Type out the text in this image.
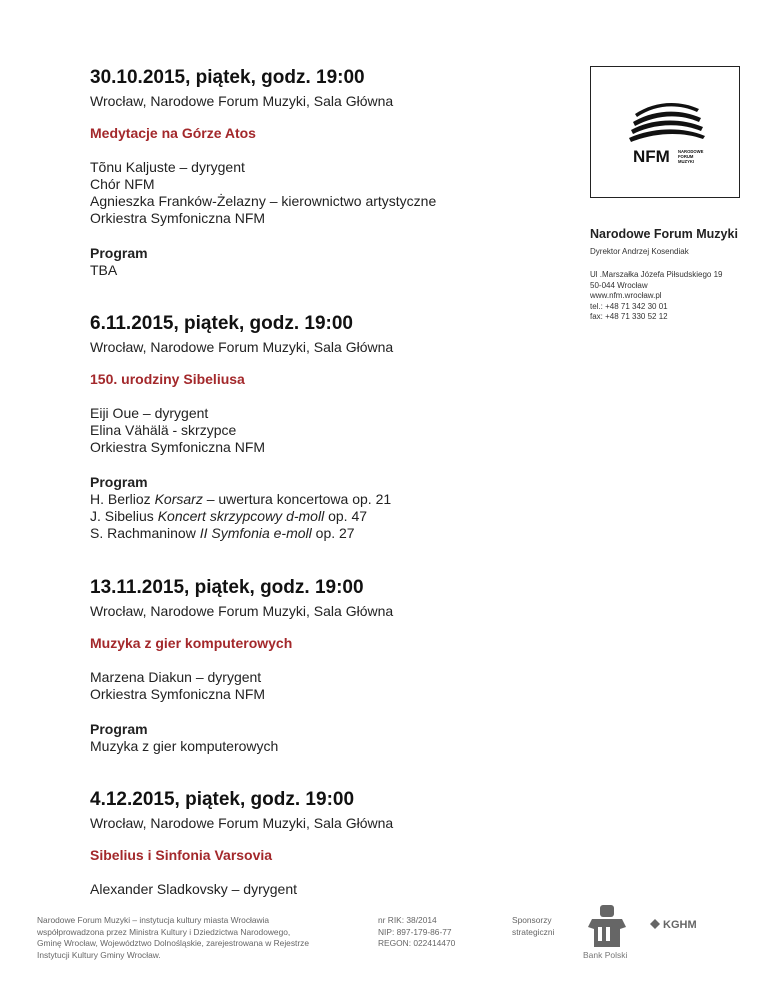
30.10.2015, piątek, godz. 19:00
Wrocław, Narodowe Forum Muzyki, Sala Główna
Medytacje na Górze Atos
Tõnu Kaljuste – dyrygent
Chór NFM
Agnieszka Franków-Żelazny – kierownictwo artystyczne
Orkiestra Symfoniczna NFM
Program
TBA
6.11.2015, piątek, godz. 19:00
Wrocław, Narodowe Forum Muzyki, Sala Główna
150. urodziny Sibeliusa
Eiji Oue – dyrygent
Elina Vähälä - skrzypce
Orkiestra Symfoniczna NFM
Program
H. Berlioz Korsarz – uwertura koncertowa op. 21
J. Sibelius Koncert skrzypcowy d-moll op. 47
S. Rachmaninow II Symfonia e-moll op. 27
13.11.2015, piątek, godz. 19:00
Wrocław, Narodowe Forum Muzyki, Sala Główna
Muzyka z gier komputerowych
Marzena Diakun – dyrygent
Orkiestra Symfoniczna NFM
Program
Muzyka z gier komputerowych
4.12.2015, piątek, godz. 19:00
Wrocław, Narodowe Forum Muzyki, Sala Główna
Sibelius i Sinfonia Varsovia
Alexander Sladkovsky – dyrygent
NFM NARODOWE
FORUM
MUZYKI
Narodowe Forum Muzyki
Dyrektor Andrzej Kosendiak
Ul .Marszałka Józefa Piłsudskiego 19
50-044 Wrocław
www.nfm.wrocław.pl
tel.: +48 71 342 30 01
fax: +48 71 330 52 12
Narodowe Forum Muzyki – instytucja kultury miasta Wrocławia
współprowadzona przez Ministra Kultury i Dziedzictwa Narodowego,
Gminę Wrocław, Województwo Dolnośląskie, zarejestrowana w Rejestrze
Instytucji Kultury Gminy Wrocław.
nr RIK: 38/2014
NIP: 897-179-86-77
REGON: 022414470
Sponsorzy
strategiczni
Bank Polski
KGHM
